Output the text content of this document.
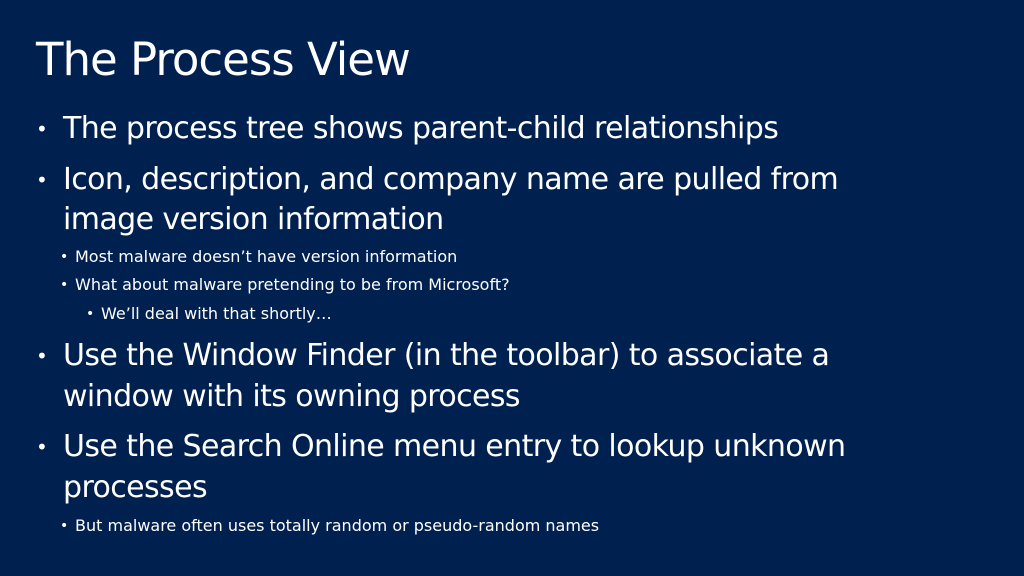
The Process View
• The process tree shows parent-child relationships
• Icon, description, and company name are pulled from
image version information
• Most malware doesn’t have version information
• What about malware pretending to be from Microsoft?
• We’ll deal with that shortly…
• Use the Window Finder (in the toolbar) to associate a
window with its owning process
• Use the Search Online menu entry to lookup unknown
processes
• But malware often uses totally random or pseudo-random names
